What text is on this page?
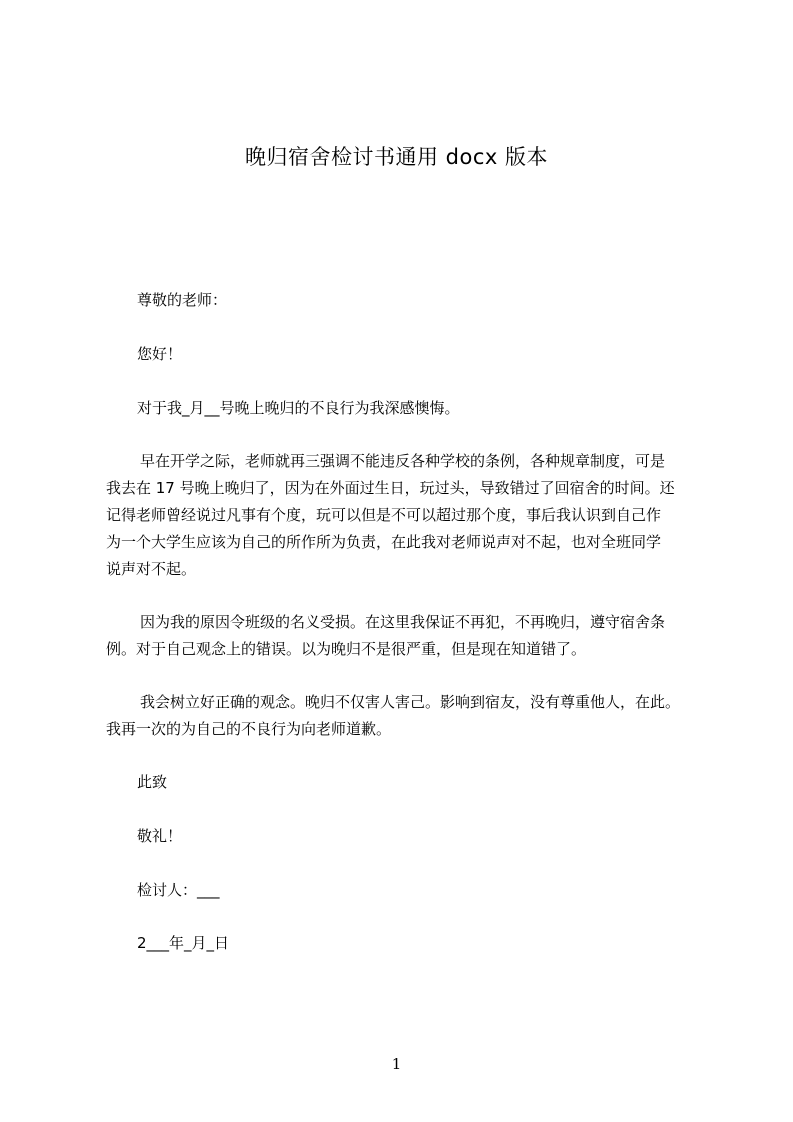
晚归宿舍检讨书通用 docx 版本
尊敬的老师：
您好！
对于我_月__号晚上晚归的不良行为我深感懊悔。
早在开学之际，老师就再三强调不能违反各种学校的条例，各种规章制度，可是
我去在 17 号晚上晚归了，因为在外面过生日，玩过头，导致错过了回宿舍的时间。还
记得老师曾经说过凡事有个度，玩可以但是不可以超过那个度，事后我认识到自己作
为一个大学生应该为自己的所作所为负责，在此我对老师说声对不起，也对全班同学
说声对不起。
因为我的原因令班级的名义受损。在这里我保证不再犯，不再晚归，遵守宿舍条
例。对于自己观念上的错误。以为晚归不是很严重，但是现在知道错了。
我会树立好正确的观念。晚归不仅害人害己。影响到宿友，没有尊重他人，在此。
我再一次的为自己的不良行为向老师道歉。
此致
敬礼！
检讨人：___
2___年_月_日
1
